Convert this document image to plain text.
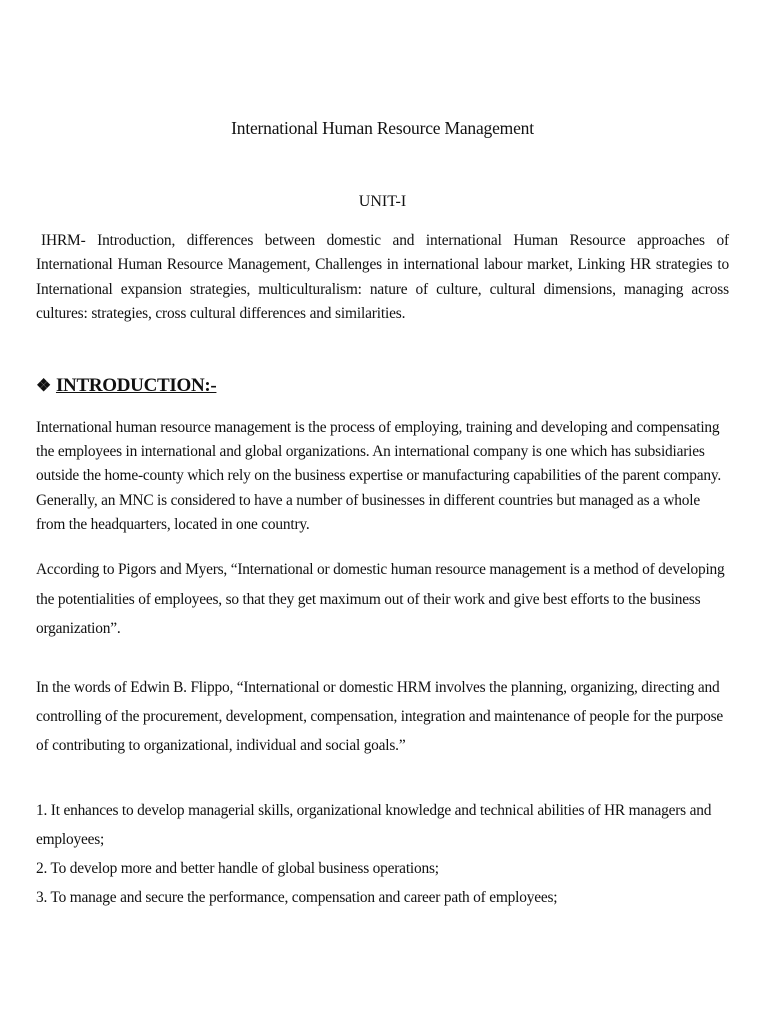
International Human Resource Management
UNIT-I

IHRM- Introduction, differences between domestic and international Human Resource approaches of International Human Resource Management, Challenges in international labour market, Linking HR strategies to International expansion strategies, multiculturalism: nature of culture, cultural dimensions, managing across cultures: strategies, cross cultural differences and similarities.

❖ INTRODUCTION:-

International human resource management is the process of employing, training and developing and compensating the employees in international and global organizations. An international company is one which has subsidiaries outside the home-county which rely on the business expertise or manufacturing capabilities of the parent company. Generally, an MNC is considered to have a number of businesses in different countries but managed as a whole from the headquarters, located in one country.

According to Pigors and Myers, “International or domestic human resource management is a method of developing the potentialities of employees, so that they get maximum out of their work and give best efforts to the business organization”.

In the words of Edwin B. Flippo, “International or domestic HRM involves the planning, organizing, directing and controlling of the procurement, development, compensation, integration and maintenance of people for the purpose of contributing to organizational, individual and social goals.”

1. It enhances to develop managerial skills, organizational knowledge and technical abilities of HR managers and employees;
2. To develop more and better handle of global business operations;
3. To manage and secure the performance, compensation and career path of employees;
